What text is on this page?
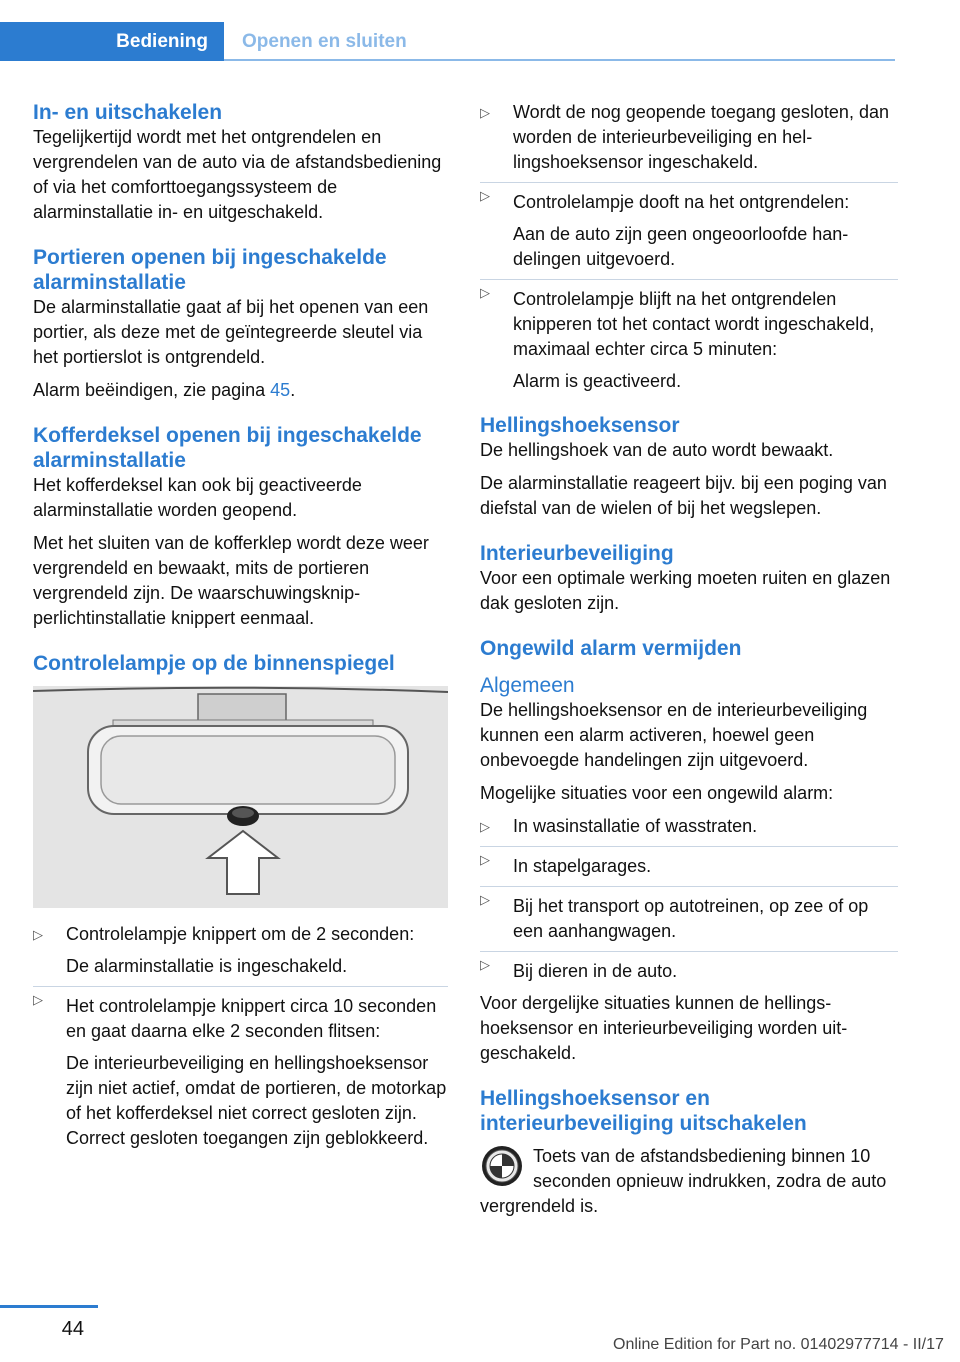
Bediening	Openen en sluiten
In- en uitschakelen

Tegelijkertijd wordt met het ontgrendelen en vergrendelen van de auto via de afstandsbediening of via het comforttoegangssysteem de alarminstallatie in- en uitgeschakeld.

Portieren openen bij ingeschakelde alarminstallatie

De alarminstallatie gaat af bij het openen van een portier, als deze met de geïntegreerde sleutel via het portierslot is ontgrendeld.

Alarm beëindigen, zie pagina 45.

Kofferdeksel openen bij ingeschakelde alarminstallatie

Het kofferdeksel kan ook bij geactiveerde alarminstallatie worden geopend.

Met het sluiten van de kofferklep wordt deze weer vergrendeld en bewaakt, mits de portieren vergrendeld zijn. De waarschuwingsknipperlichtinstallatie knippert eenmaal.

Controlelampje op de binnenspiegel

▷ Controlelampje knippert om de 2 seconden:

De alarminstallatie is ingeschakeld.

▷ Het controlelampje knippert circa 10 seconden en gaat daarna elke 2 seconden flitsen:

De interieurbeveiliging en hellingshoeksensor zijn niet actief, omdat de portieren, de motorkap of het kofferdeksel niet correct gesloten zijn. Correct gesloten toegangen zijn geblokkeerd.

▷ Wordt de nog geopende toegang gesloten, dan worden de interieurbeveiliging en hellingshoeksensor ingeschakeld.

▷ Controlelampje dooft na het ontgrendelen:

Aan de auto zijn geen ongeoorloofde handelingen uitgevoerd.

▷ Controlelampje blijft na het ontgrendelen knipperen tot het contact wordt ingeschakeld, maximaal echter circa 5 minuten:

Alarm is geactiveerd.

Hellingshoeksensor

De hellingshoek van de auto wordt bewaakt.

De alarminstallatie reageert bijv. bij een poging van diefstal van de wielen of bij het wegslepen.

Interieurbeveiliging

Voor een optimale werking moeten ruiten en glazen dak gesloten zijn.

Ongewild alarm vermijden
Algemeen

De hellingshoeksensor en de interieurbeveiliging kunnen een alarm activeren, hoewel geen onbevoegde handelingen zijn uitgevoerd.

Mogelijke situaties voor een ongewild alarm:

▷ In wasinstallatie of wasstraten.

▷ In stapelgarages.

▷ Bij het transport op autotreinen, op zee of op een aanhangwagen.

▷ Bij dieren in de auto.

Voor dergelijke situaties kunnen de hellingshoeksensor en interieurbeveiliging worden uitgeschakeld.

Hellingshoeksensor en interieurbeveiliging uitschakelen

Toets van de afstandsbediening binnen 10 seconden opnieuw indrukken, zodra de auto vergrendeld is.

44
Online Edition for Part no. 01402977714 - II/17
